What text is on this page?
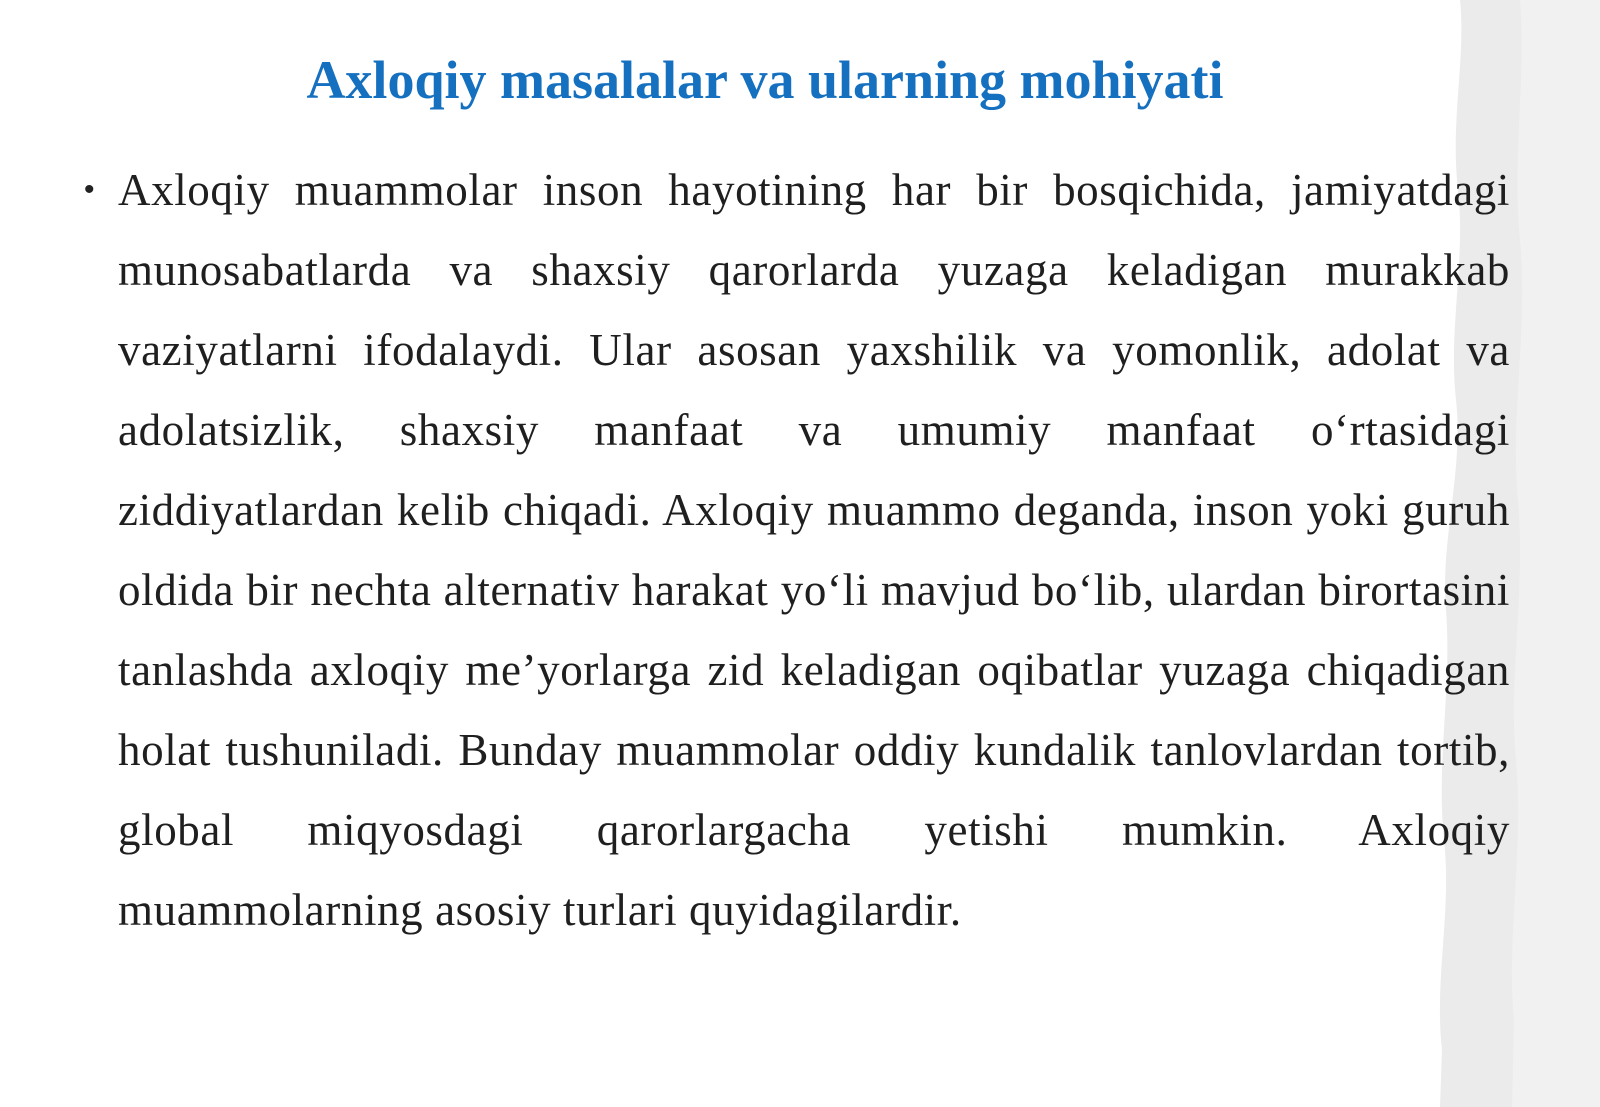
Axloqiy masalalar va ularning mohiyati
• Axloqiy muammolar inson hayotining har bir bosqichida, jamiyatdagi munosabatlarda va shaxsiy qarorlarda yuzaga keladigan murakkab vaziyatlarni ifodalaydi. Ular asosan yaxshilik va yomonlik, adolat va adolatsizlik, shaxsiy manfaat va umumiy manfaat o‘rtasidagi ziddiyatlardan kelib chiqadi. Axloqiy muammo deganda, inson yoki guruh oldida bir nechta alternativ harakat yo‘li mavjud bo‘lib, ulardan birortasini tanlashda axloqiy me’yorlarga zid keladigan oqibatlar yuzaga chiqadigan holat tushuniladi. Bunday muammolar oddiy kundalik tanlovlardan tortib, global miqyosdagi qarorlargacha yetishi mumkin. Axloqiy muammolarning asosiy turlari quyidagilardir.
